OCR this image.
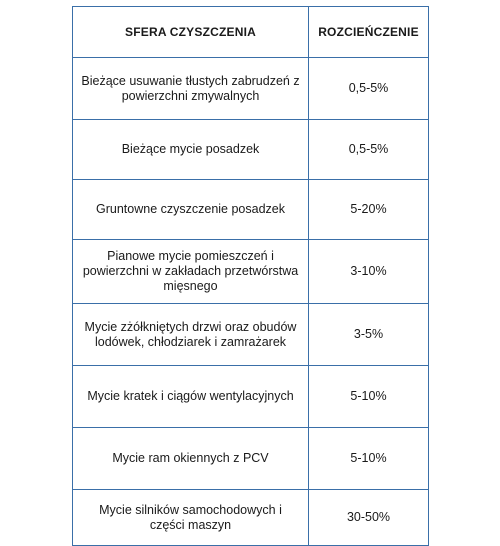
SFERA CZYSZCZENIA	ROZCIEŃCZENIE
Bieżące usuwanie tłustych zabrudzeń z powierzchni zmywalnych	0,5-5%
Bieżące mycie posadzek	0,5-5%
Gruntowne czyszczenie posadzek	5-20%
Pianowe mycie pomieszczeń i powierzchni w zakładach przetwórstwa mięsnego	3-10%
Mycie zżółkniętych drzwi oraz obudów lodówek, chłodziarek i zamrażarek	3-5%
Mycie kratek i ciągów wentylacyjnych	5-10%
Mycie ram okiennych z PCV	5-10%
Mycie silników samochodowych i części maszyn	30-50%
